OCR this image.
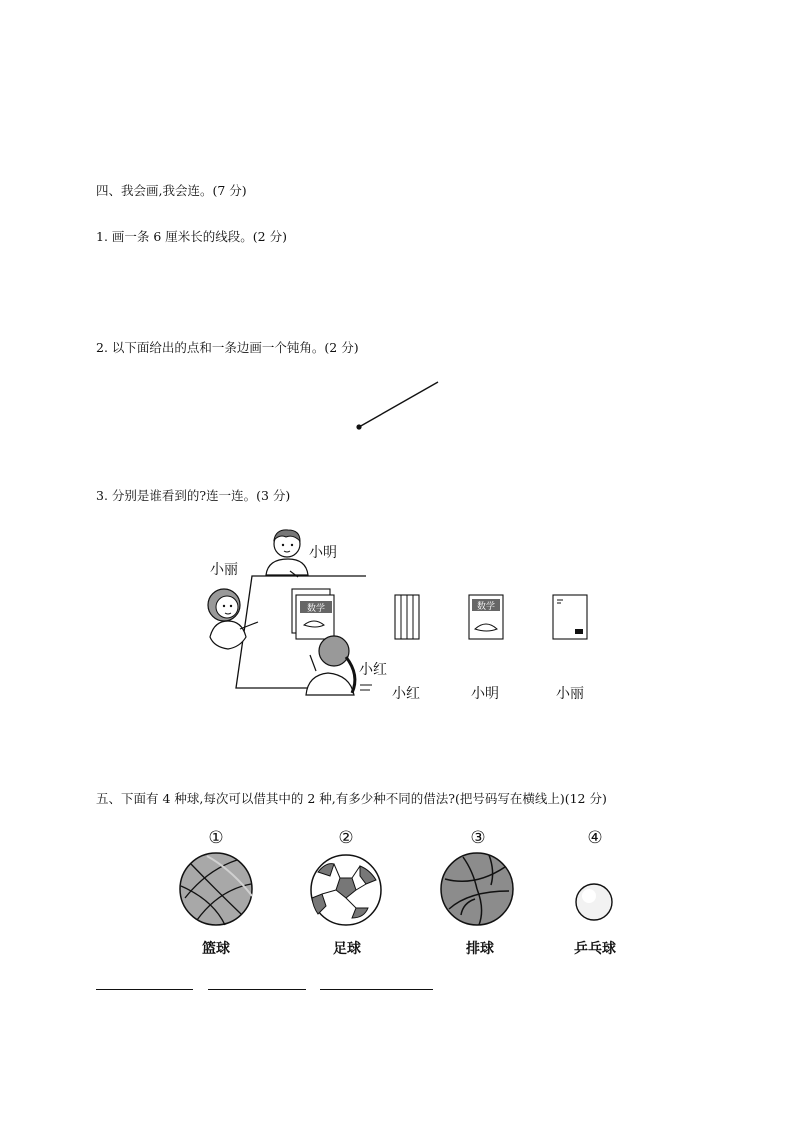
四、我会画,我会连。(7 分)
1. 画一条 6 厘米长的线段。(2 分)
2. 以下面给出的点和一条边画一个钝角。(2 分)
3. 分别是谁看到的?连一连。(3 分)
数学
小丽
小明
小红
数学
小红	小明	小丽
五、下面有 4 种球,每次可以借其中的 2 种,有多少种不同的借法?(把号码写在横线上)(12 分)
①	②	③	④
篮球	足球	排球	乒乓球
